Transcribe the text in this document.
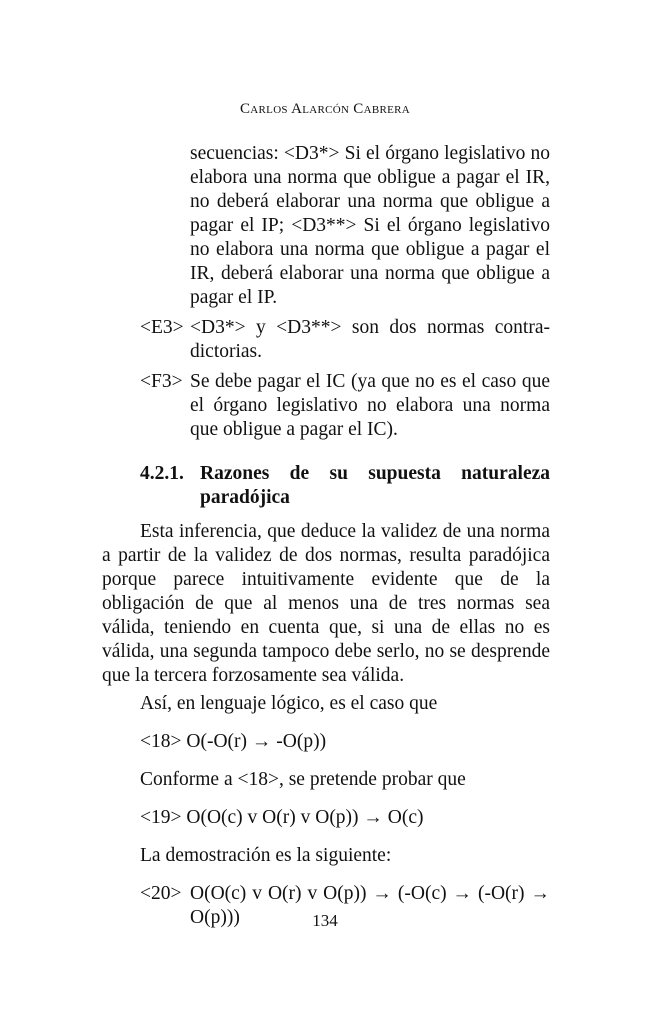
Carlos Alarcón Cabrera
secuencias: <D3*> Si el órgano legislativo no elabora una norma que obligue a pagar el IR, no deberá elaborar una norma que obligue a pagar el IP; <D3**> Si el órgano legislativo no elabora una norma que obligue a pagar el IR, deberá elaborar una norma que obligue a pagar el IP.
<E3> <D3*> y <D3**> son dos normas contradictorias.
<F3> Se debe pagar el IC (ya que no es el caso que el órgano legislativo no elabora una norma que obligue a pagar el IC).
4.2.1. Razones de su supuesta naturaleza paradójica
Esta inferencia, que deduce la validez de una norma a partir de la validez de dos normas, resulta paradójica porque parece intuitivamente evidente que de la obligación de que al menos una de tres normas sea válida, teniendo en cuenta que, si una de ellas no es válida, una segunda tampoco debe serlo, no se desprende que la tercera forzosamente sea válida.
Así, en lenguaje lógico, es el caso que
<18> O(-O(r) → -O(p))
Conforme a <18>, se pretende probar que
<19> O(O(c) v O(r) v O(p)) → O(c)
La demostración es la siguiente:
<20> O(O(c) v O(r) v O(p)) → (-O(c) → (-O(r) → O(p)))	134
